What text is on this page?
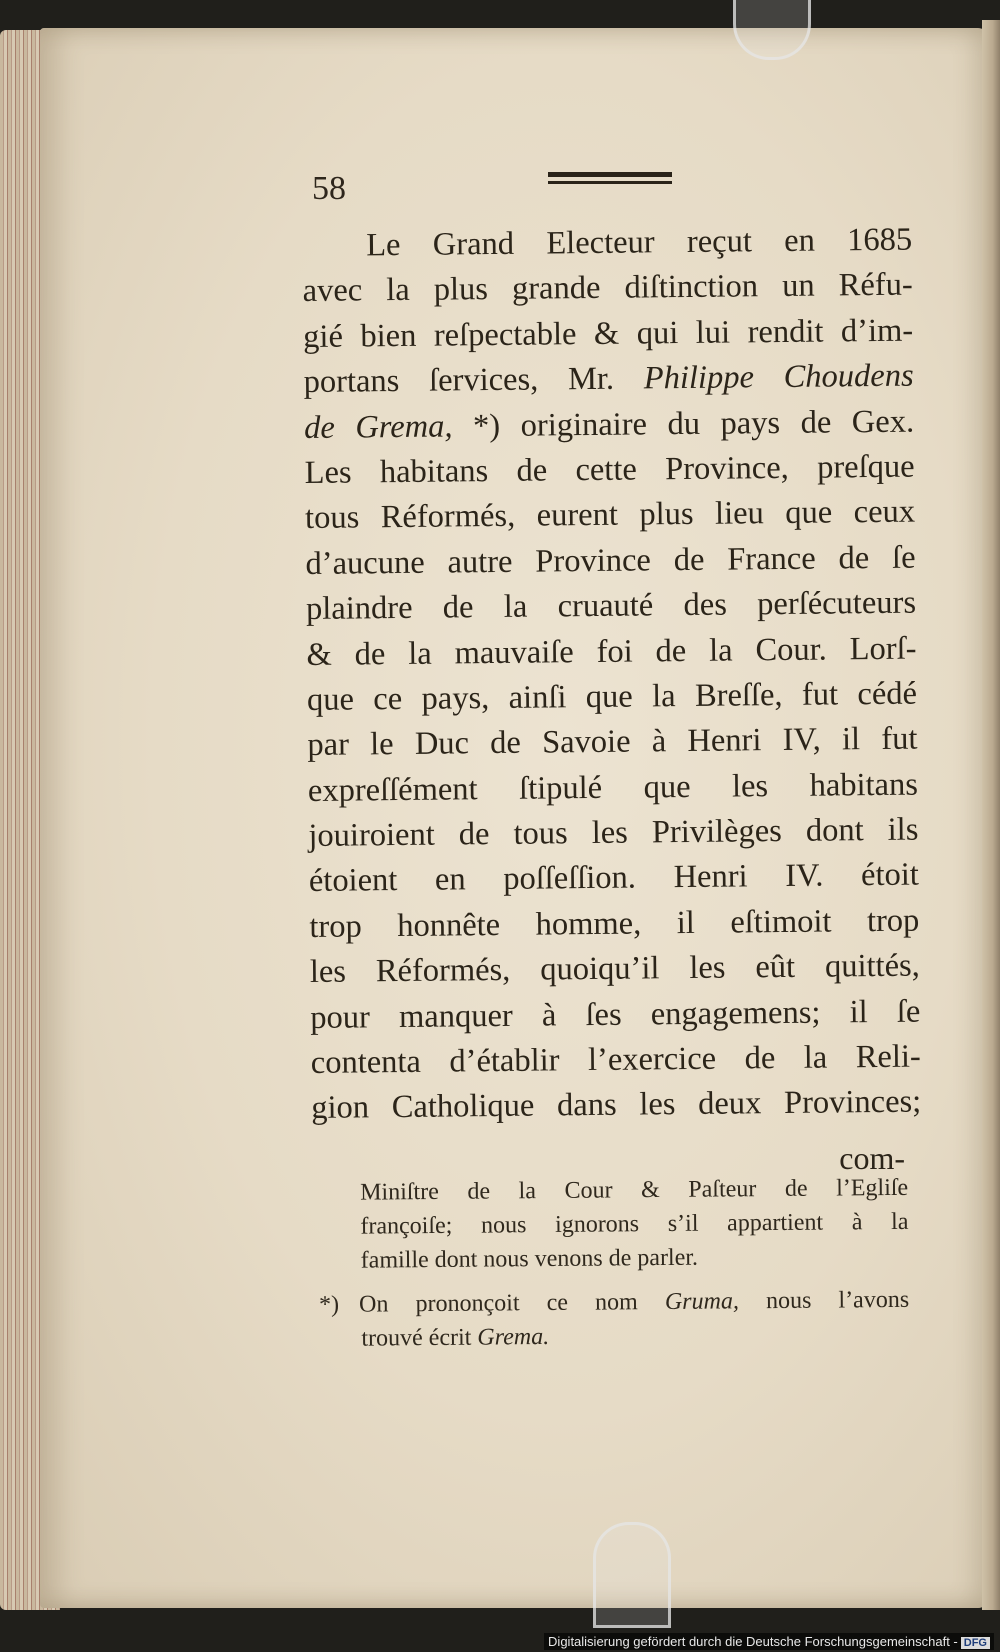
58
Le Grand Electeur reçut en 1685
avec la plus grande diſtinction un Réfu-
gié bien reſpectable & qui lui rendit d’im-
portans ſervices, Mr. Philippe Choudens
de Grema, *) originaire du pays de Gex.
Les habitans de cette Province, preſque
tous Réformés, eurent plus lieu que ceux
d’aucune autre Province de France de ſe
plaindre de la cruauté des perſécuteurs
& de la mauvaiſe foi de la Cour. Lorſ-
que ce pays, ainſi que la Breſſe, fut cédé
par le Duc de Savoie à Henri IV, il fut
expreſſément ſtipulé que les habitans
jouiroient de tous les Privilèges dont ils
étoient en poſſeſſion. Henri IV. étoit
trop honnête homme, il eſtimoit trop
les Réformés, quoiqu’il les eût quittés,
pour manquer à ſes engagemens; il ſe
contenta d’établir l’exercice de la Reli-
gion Catholique dans les deux Provinces;
com-
Miniſtre de la Cour & Paſteur de l’Egliſe
françoiſe; nous ignorons s’il appartient à la
famille dont nous venons de parler.
*) On prononçoit ce nom Gruma, nous l’avons
trouvé écrit Grema.
Digitalisierung gefördert durch die Deutsche Forschungsgemeinschaft - DFG
